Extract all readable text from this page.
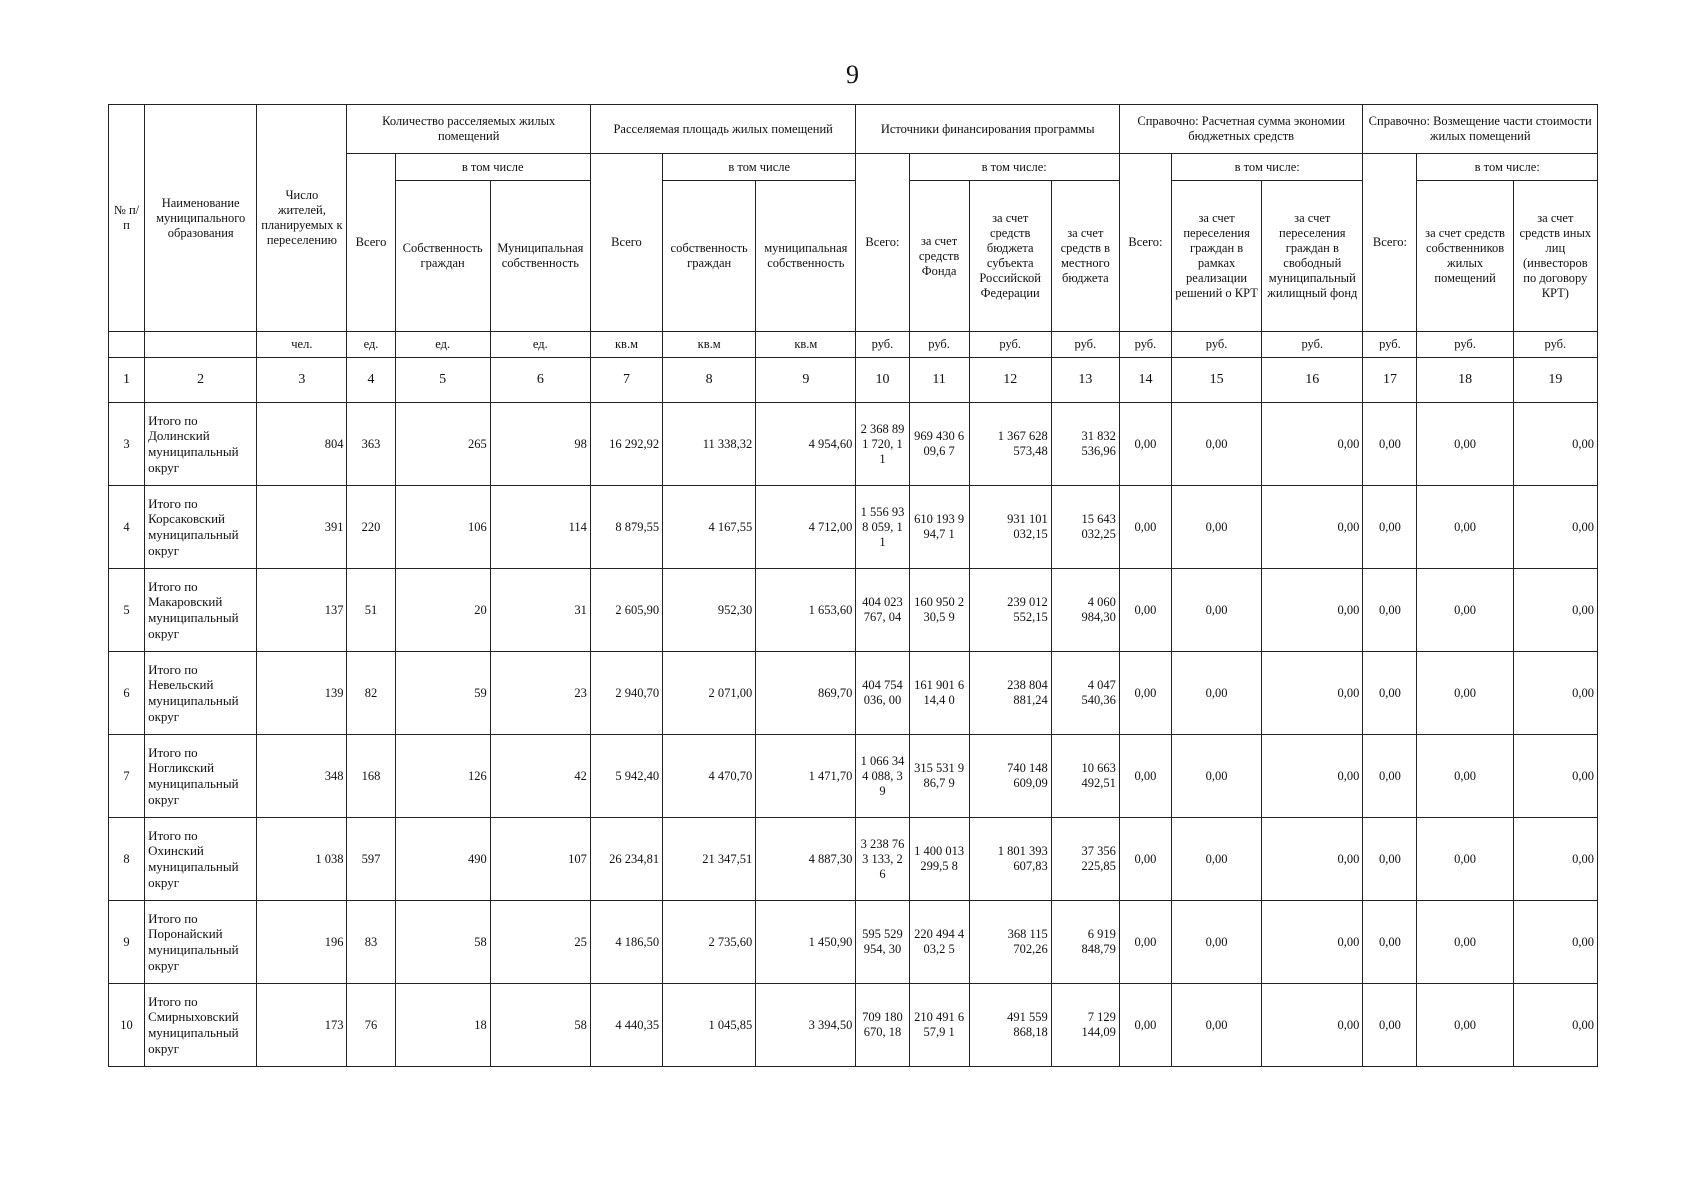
9
№ п/п	Наименование муниципального образования	Число жителей, планируемых к переселению	Количество расселяемых жилых помещений			Расселяемая площадь жилых помещений			Источники финансирования программы				Справочно: Расчетная сумма экономии бюджетных средств			Справочно: Возмещение части стоимости жилых помещений		
			Всего	в том числе		Всего	в том числе		Всего:	в том числе:			Всего:	в том числе:		Всего:	в том числе:	
				Собственность граждан	Муниципальная собственность		собственность граждан	муниципальная собственность		за счет средств Фонда	за счет средств бюджета субъекта Российской Федерации	за счет средств в местного бюджета		за счет переселения граждан в рамках реализации решений о КРТ	за счет переселения граждан в свободный муниципальный жилищный фонд		за счет средств собственников жилых помещений	за счет средств иных лиц (инвесторов по договору КРТ)
		чел.	ед.	ед.	ед.	кв.м	кв.м	кв.м	руб.	руб.	руб.	руб.	руб.	руб.	руб.	руб.	руб.	руб.
1	2	3	4	5	6	7	8	9	10	11	12	13	14	15	16	17	18	19
3	Итого по Долинский муниципальный округ	804	363	265	98	16 292,92	11 338,32	4 954,60	2 368 891 720, 11	969 430 609,6 7	1 367 628 573,48	31 832 536,96	0,00	0,00	0,00	0,00	0,00	0,00
4	Итого по Корсаковский муниципальный округ	391	220	106	114	8 879,55	4 167,55	4 712,00	1 556 938 059, 11	610 193 994,7 1	931 101 032,15	15 643 032,25	0,00	0,00	0,00	0,00	0,00	0,00
5	Итого по Макаровский муниципальный округ	137	51	20	31	2 605,90	952,30	1 653,60	404 023 767, 04	160 950 230,5 9	239 012 552,15	4 060 984,30	0,00	0,00	0,00	0,00	0,00	0,00
6	Итого по Невельский муниципальный округ	139	82	59	23	2 940,70	2 071,00	869,70	404 754 036, 00	161 901 614,4 0	238 804 881,24	4 047 540,36	0,00	0,00	0,00	0,00	0,00	0,00
7	Итого по Ногликский муниципальный округ	348	168	126	42	5 942,40	4 470,70	1 471,70	1 066 344 088, 39	315 531 986,7 9	740 148 609,09	10 663 492,51	0,00	0,00	0,00	0,00	0,00	0,00
8	Итого по Охинский муниципальный округ	1 038	597	490	107	26 234,81	21 347,51	4 887,30	3 238 763 133, 26	1 400 013 299,5 8	1 801 393 607,83	37 356 225,85	0,00	0,00	0,00	0,00	0,00	0,00
9	Итого по Поронайский муниципальный округ	196	83	58	25	4 186,50	2 735,60	1 450,90	595 529 954, 30	220 494 403,2 5	368 115 702,26	6 919 848,79	0,00	0,00	0,00	0,00	0,00	0,00
10	Итого по Смирныховский муниципальный округ	173	76	18	58	4 440,35	1 045,85	3 394,50	709 180 670, 18	210 491 657,9 1	491 559 868,18	7 129 144,09	0,00	0,00	0,00	0,00	0,00	0,00
